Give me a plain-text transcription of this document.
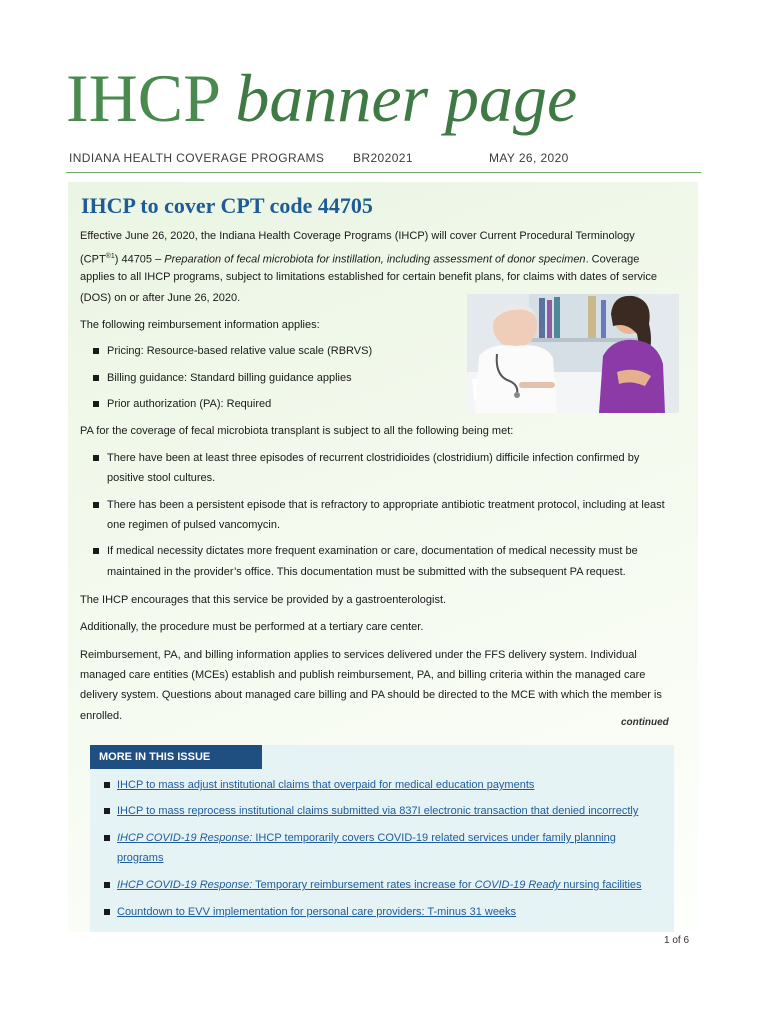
IHCP banner page
INDIANA HEALTH COVERAGE PROGRAMS BR202021	MAY 26, 2020
IHCP to cover CPT code 44705
Effective June 26, 2020, the Indiana Health Coverage Programs (IHCP) will cover Current Procedural Terminology
$(CPT^{®1})$ 44705 – Preparation of fecal microbiota for instillation, including assessment of donor specimen. Coverage
applies to all IHCP programs, subject to limitations established for certain benefit plans, for claims with dates of service
(DOS) on or after June 26, 2020.
The following reimbursement information applies:
Pricing: Resource-based relative value scale (RBRVS)
Billing guidance: Standard billing guidance applies
Prior authorization (PA): Required
PA for the coverage of fecal microbiota transplant is subject to all the following being met:
There have been at least three episodes of recurrent clostridioides (clostridium) difficile infection confirmed by
positive stool cultures.
There has been a persistent episode that is refractory to appropriate antibiotic treatment protocol, including at least
one regimen of pulsed vancomycin.
If medical necessity dictates more frequent examination or care, documentation of medical necessity must be
maintained in the provider’s office. This documentation must be submitted with the subsequent PA request.
The IHCP encourages that this service be provided by a gastroenterologist.
Additionally, the procedure must be performed at a tertiary care center.
Reimbursement, PA, and billing information applies to services delivered under the FFS delivery system. Individual
managed care entities (MCEs) establish and publish reimbursement, PA, and billing criteria within the managed care
delivery system. Questions about managed care billing and PA should be directed to the MCE with which the member is
enrolled.
continued
MORE IN THIS ISSUE
IHCP to mass adjust institutional claims that overpaid for medical education payments
IHCP to mass reprocess institutional claims submitted via 837I electronic transaction that denied incorrectly
IHCP COVID-19 Response: IHCP temporarily covers COVID-19 related services under family planning
programs
IHCP COVID-19 Response: Temporary reimbursement rates increase for COVID-19 Ready nursing facilities
Countdown to EVV implementation for personal care providers: T-minus 31 weeks
1 of 6
